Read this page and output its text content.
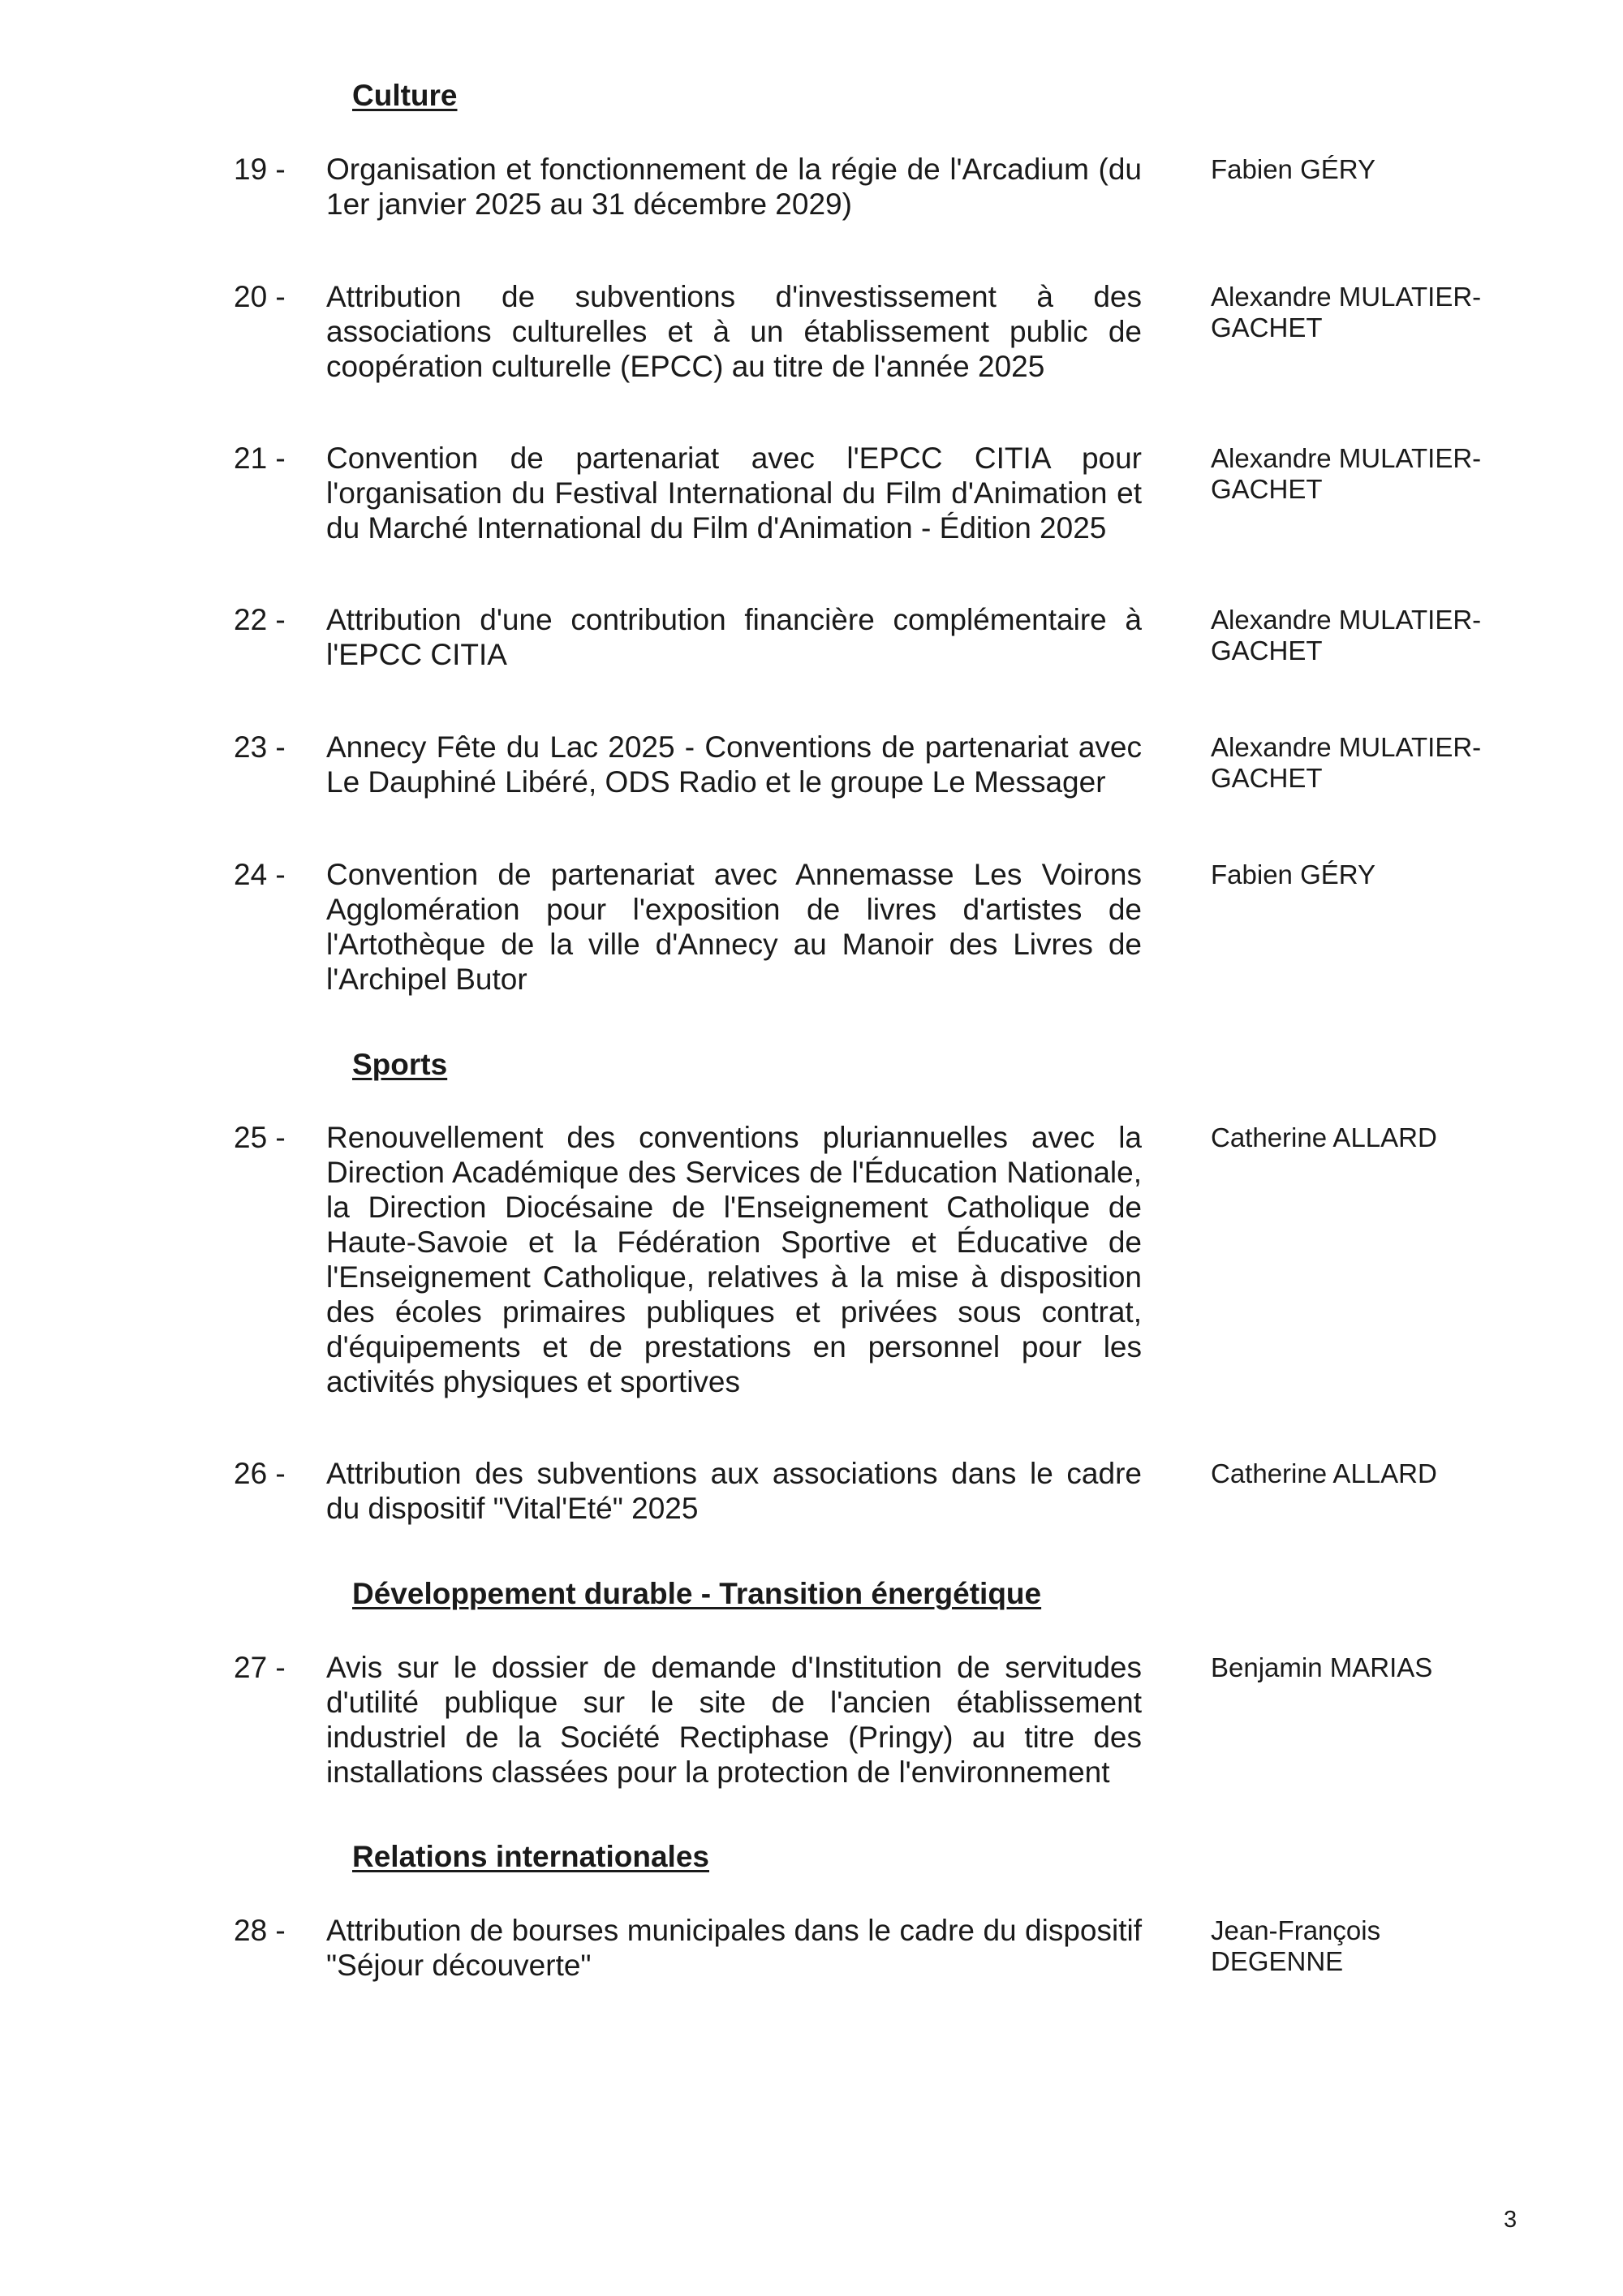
Culture
19 - Organisation et fonctionnement de la régie de l'Arcadium (du 1er janvier 2025 au 31 décembre 2029)
Fabien GÉRY
20 - Attribution de subventions d'investissement à des associations culturelles et à un établissement public de coopération culturelle (EPCC) au titre de l'année 2025
Alexandre MULATIER-
GACHET
21 - Convention de partenariat avec l'EPCC CITIA pour l'organisation du Festival International du Film d'Animation et du Marché International du Film d'Animation - Édition 2025
Alexandre MULATIER-
GACHET
22 - Attribution d'une contribution financière complémentaire à l'EPCC CITIA
Alexandre MULATIER-
GACHET
23 - Annecy Fête du Lac 2025 - Conventions de partenariat avec Le Dauphiné Libéré, ODS Radio et le groupe Le Messager
Alexandre MULATIER-
GACHET
24 - Convention de partenariat avec Annemasse Les Voirons Agglomération pour l'exposition de livres d'artistes de l'Artothèque de la ville d'Annecy au Manoir des Livres de l'Archipel Butor
Fabien GÉRY
Sports
25 - Renouvellement des conventions pluriannuelles avec la Direction Académique des Services de l'Éducation Nationale, la Direction Diocésaine de l'Enseignement Catholique de Haute-Savoie et la Fédération Sportive et Éducative de l'Enseignement Catholique, relatives à la mise à disposition des écoles primaires publiques et privées sous contrat, d'équipements et de prestations en personnel pour les activités physiques et sportives
Catherine ALLARD
26 - Attribution des subventions aux associations dans le cadre du dispositif "Vital'Eté" 2025
Catherine ALLARD
Développement durable - Transition énergétique
27 - Avis sur le dossier de demande d'Institution de servitudes d'utilité publique sur le site de l'ancien établissement industriel de la Société Rectiphase (Pringy) au titre des installations classées pour la protection de l'environnement
Benjamin MARIAS
Relations internationales
28 - Attribution de bourses municipales dans le cadre du dispositif "Séjour découverte"
Jean-François
DEGENNE
3
